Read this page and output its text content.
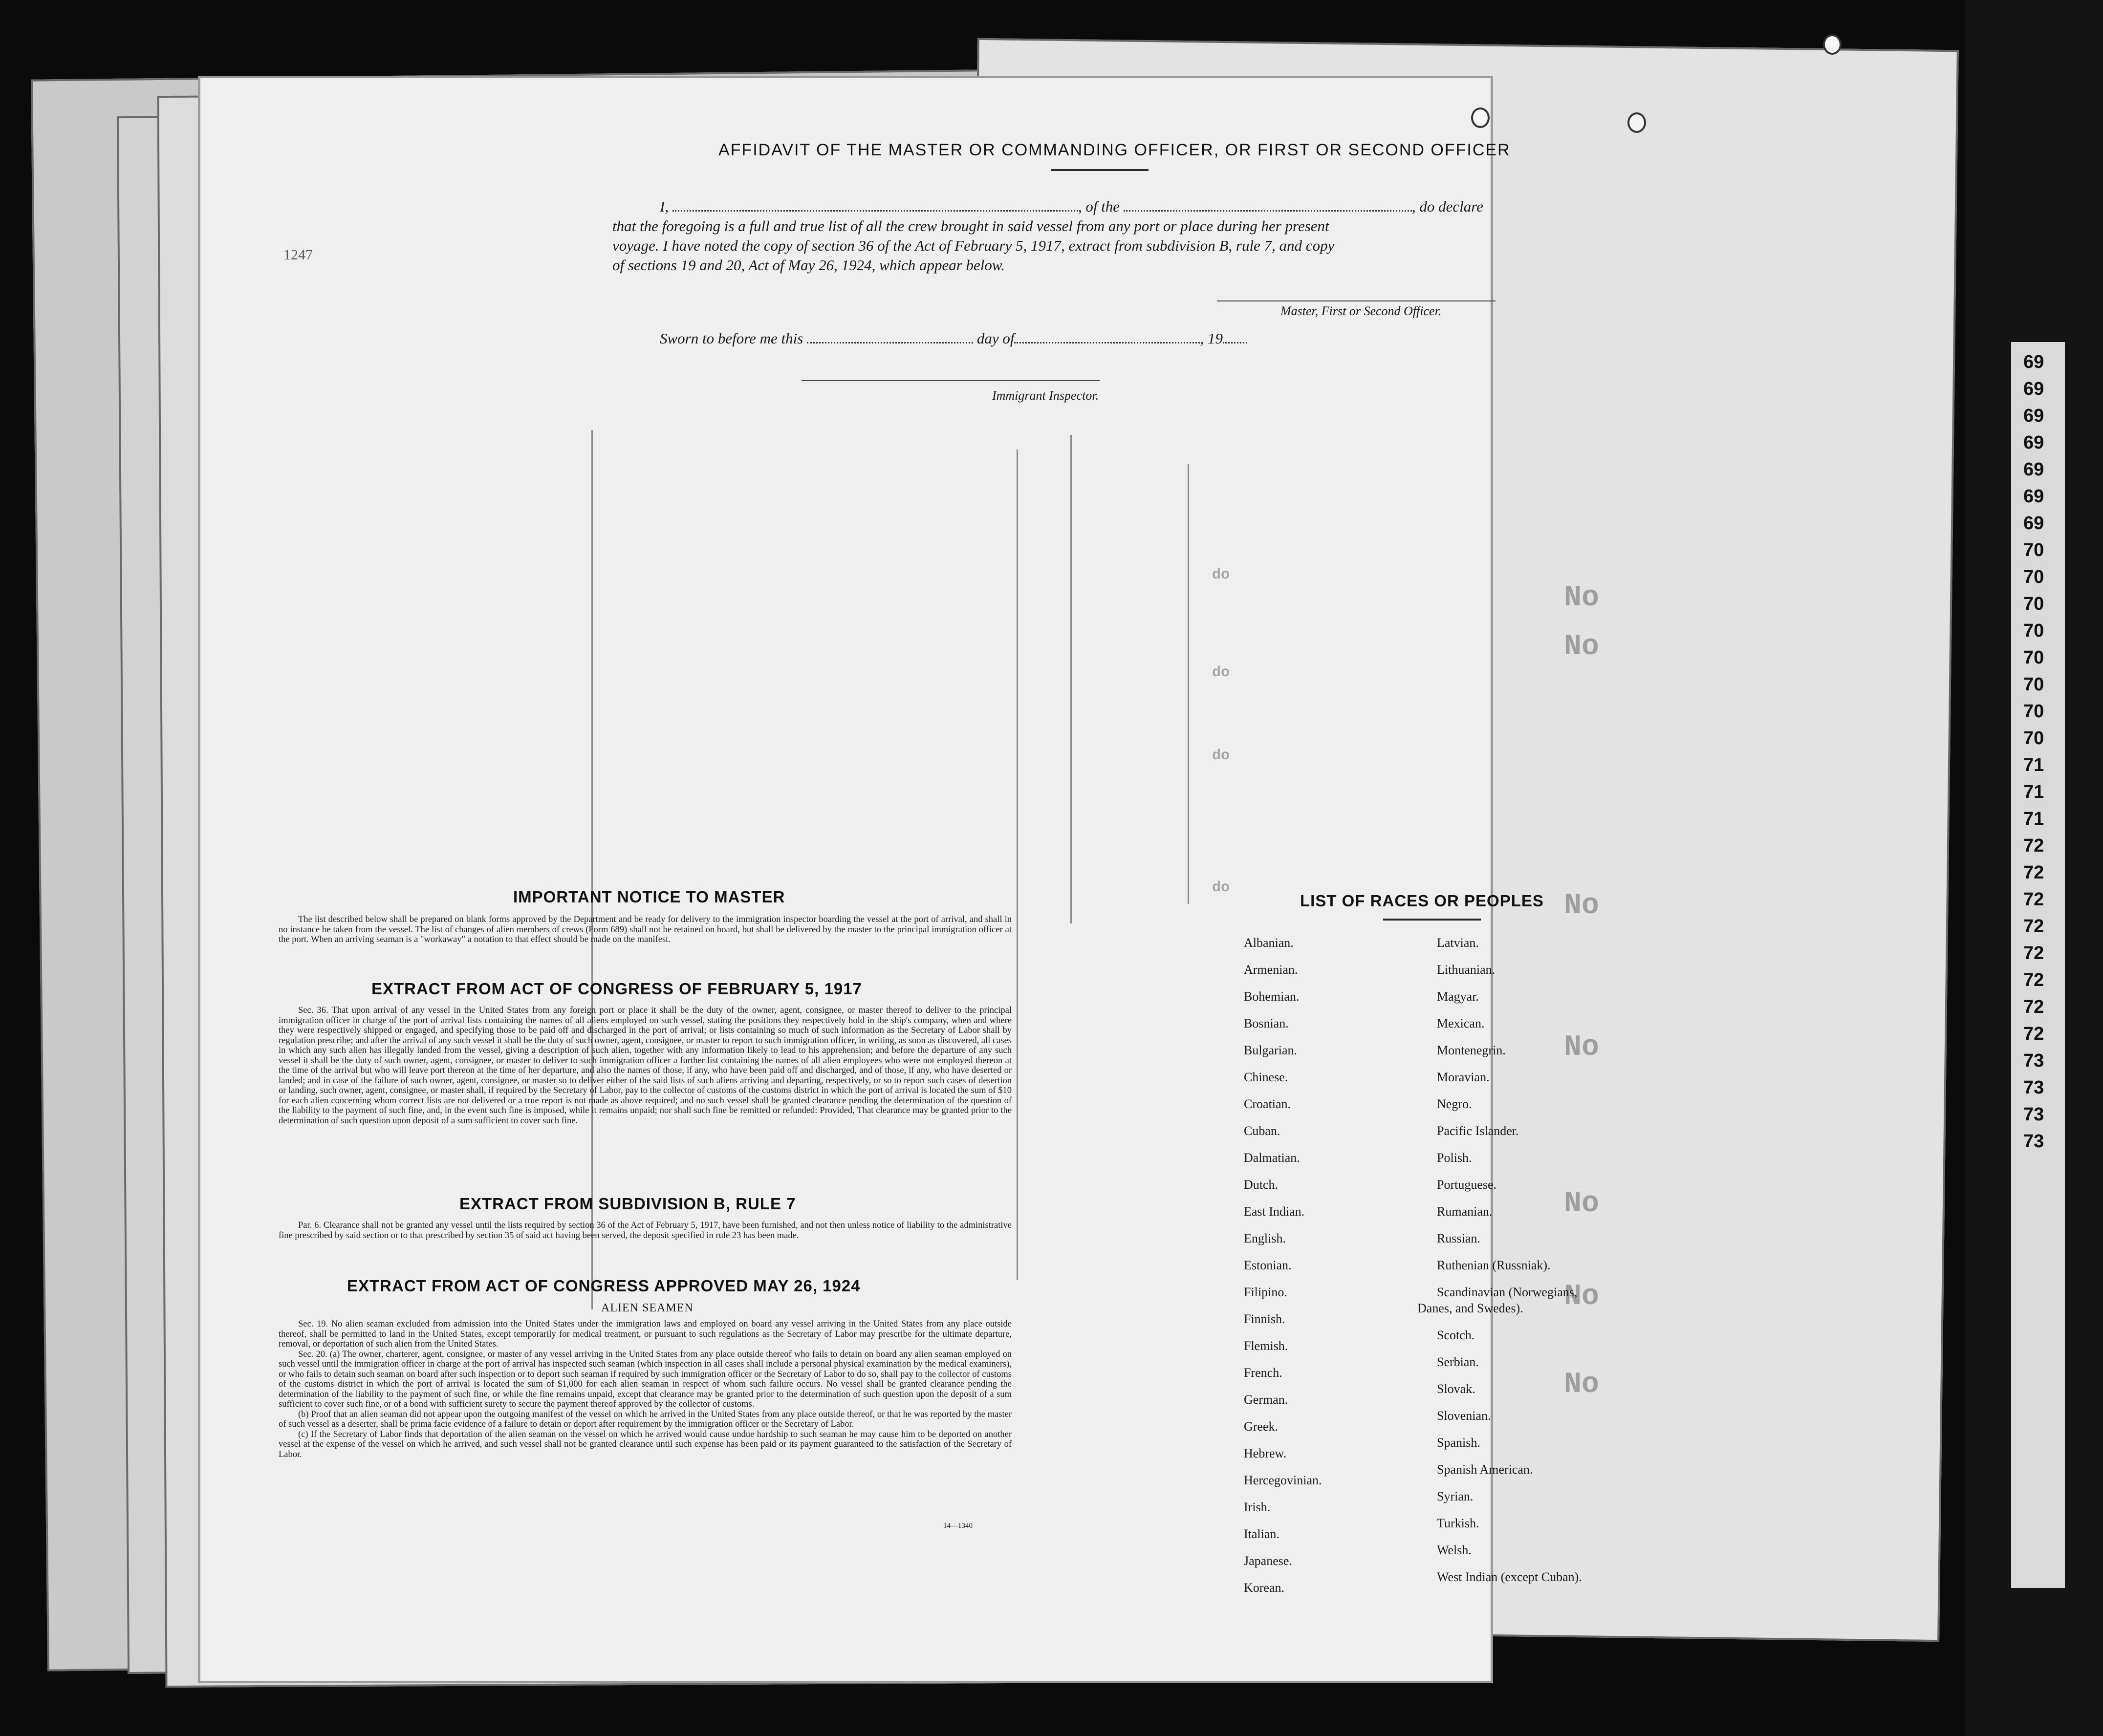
69
69
69
69
69
69
69
70
70
70
70
70
70
70
70
71
71
71
72
72
72
72
72
72
72
72
73
73
73
73
1247
AFFIDAVIT OF THE MASTER OR COMMANDING OFFICER, OR FIRST OR SECOND OFFICER
I,	, of the	, do declare
that the foregoing is a full and true list of all the crew brought in said vessel from any port or place during her present
voyage. I have noted the copy of section 36 of the Act of February 5, 1917, extract from subdivision B, rule 7, and copy
of sections 19 and 20, Act of May 26, 1924, which appear below.
Master, First or Second Officer.
Sworn to before me this	day of	, 19
Immigrant Inspector.
do
do
do
do
No
No
No
No
No
No
No
IMPORTANT NOTICE TO MASTER

The list described below shall be prepared on blank forms approved by the Department and be ready for delivery to the immigration inspector boarding the vessel at the port of arrival, and shall in no instance be taken from the vessel. The list of changes of alien members of crews (Form 689) shall not be retained on board, but shall be delivered by the master to the principal immigration officer at the port. When an arriving seaman is a "workaway" a notation to that effect should be made on the manifest.

EXTRACT FROM ACT OF CONGRESS OF FEBRUARY 5, 1917

Sec. 36. That upon arrival of any vessel in the United States from any foreign port or place it shall be the duty of the owner, agent, consignee, or master thereof to deliver to the principal immigration officer in charge of the port of arrival lists containing the names of all aliens employed on such vessel, stating the positions they respectively hold in the ship's company, when and where they were respectively shipped or engaged, and specifying those to be paid off and discharged in the port of arrival; or lists containing so much of such information as the Secretary of Labor shall by regulation prescribe; and after the arrival of any such vessel it shall be the duty of such owner, agent, consignee, or master to report to such immigration officer, in writing, as soon as discovered, all cases in which any such alien has illegally landed from the vessel, giving a description of such alien, together with any information likely to lead to his apprehension; and before the departure of any such vessel it shall be the duty of such owner, agent, consignee, or master to deliver to such immigration officer a further list containing the names of all alien employees who were not employed thereon at the time of the arrival but who will leave port thereon at the time of her departure, and also the names of those, if any, who have been paid off and discharged, and of those, if any, who have deserted or landed; and in case of the failure of such owner, agent, consignee, or master so to deliver either of the said lists of such aliens arriving and departing, respectively, or so to report such cases of desertion or landing, such owner, agent, consignee, or master shall, if required by the Secretary of Labor, pay to the collector of customs of the customs district in which the port of arrival is located the sum of $10 for each alien concerning whom correct lists are not delivered or a true report is not made as above required; and no such vessel shall be granted clearance pending the determination of the question of the liability to the payment of such fine, and, in the event such fine is imposed, while it remains unpaid; nor shall such fine be remitted or refunded: Provided, That clearance may be granted prior to the determination of such question upon deposit of a sum sufficient to cover such fine.

EXTRACT FROM SUBDIVISION B, RULE 7

Par. 6. Clearance shall not be granted any vessel until the lists required by section 36 of the Act of February 5, 1917, have been furnished, and not then unless notice of liability to the administrative fine prescribed by said section or to that prescribed by section 35 of said act having been served, the deposit specified in rule 23 has been made.

EXTRACT FROM ACT OF CONGRESS APPROVED MAY 26, 1924
ALIEN SEAMEN

Sec. 19. No alien seaman excluded from admission into the United States under the immigration laws and employed on board any vessel arriving in the United States from any place outside thereof, shall be permitted to land in the United States, except temporarily for medical treatment, or pursuant to such regulations as the Secretary of Labor may prescribe for the ultimate departure, removal, or deportation of such alien from the United States.

Sec. 20. (a) The owner, charterer, agent, consignee, or master of any vessel arriving in the United States from any place outside thereof who fails to detain on board any alien seaman employed on such vessel until the immigration officer in charge at the port of arrival has inspected such seaman (which inspection in all cases shall include a personal physical examination by the medical examiners), or who fails to detain such seaman on board after such inspection or to deport such seaman if required by such immigration officer or the Secretary of Labor to do so, shall pay to the collector of customs of the customs district in which the port of arrival is located the sum of $1,000 for each alien seaman in respect of whom such failure occurs. No vessel shall be granted clearance pending the determination of the liability to the payment of such fine, or while the fine remains unpaid, except that clearance may be granted prior to the determination of such question upon the deposit of a sum sufficient to cover such fine, or of a bond with sufficient surety to secure the payment thereof approved by the collector of customs.

(b) Proof that an alien seaman did not appear upon the outgoing manifest of the vessel on which he arrived in the United States from any place outside thereof, or that he was reported by the master of such vessel as a deserter, shall be prima facie evidence of a failure to detain or deport after requirement by the immigration officer or the Secretary of Labor.

(c) If the Secretary of Labor finds that deportation of the alien seaman on the vessel on which he arrived would cause undue hardship to such seaman he may cause him to be deported on another vessel at the expense of the vessel on which he arrived, and such vessel shall not be granted clearance until such expense has been paid or its payment guaranteed to the satisfaction of the Secretary of Labor.

14—1340
LIST OF RACES OR PEOPLES
Albanian.
Armenian.
Bohemian.
Bosnian.
Bulgarian.
Chinese.
Croatian.
Cuban.
Dalmatian.
Dutch.
East Indian.
English.
Estonian.
Filipino.
Finnish.
Flemish.
French.
German.
Greek.
Hebrew.
Hercegovinian.
Irish.
Italian.
Japanese.
Korean.
Latvian.
Lithuanian.
Magyar.
Mexican.
Montenegrin.
Moravian.
Negro.
Pacific Islander.
Polish.
Portuguese.
Rumanian.
Russian.
Ruthenian (Russniak).
Scandinavian (Norwegians,
Danes, and Swedes).
Scotch.
Serbian.
Slovak.
Slovenian.
Spanish.
Spanish American.
Syrian.
Turkish.
Welsh.
West Indian (except Cuban).
